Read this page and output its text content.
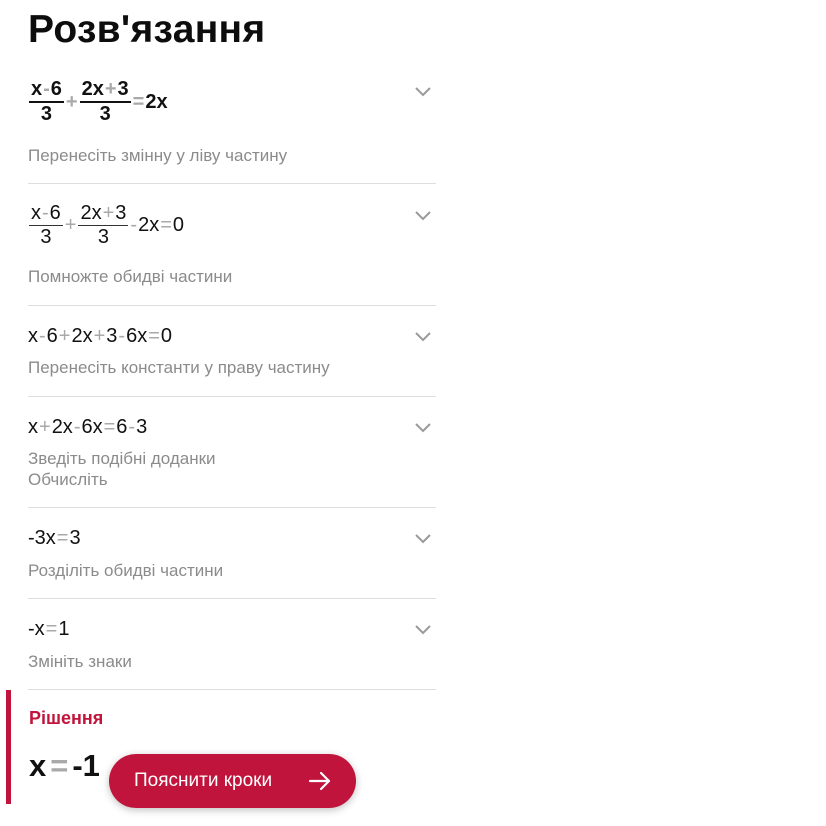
Розв'язання
$\frac{x - 6}{3} + \frac{2x + 3}{3} = 2x$
Перенесіть змінну у ліву частину
$\frac{x - 6}{3} + \frac{2x + 3}{3} - 2x = 0$
Помножте обидві частини
x - 6 + 2x + 3 - 6x = 0
Перенесіть константи у праву частину
x + 2x - 6x = 6 - 3
Зведіть подібні доданки
Обчисліть
- 3x = 3
Розділіть обидві частини
- x = 1
Змініть знаки
Рішення
x = -1 Пояснити кроки
